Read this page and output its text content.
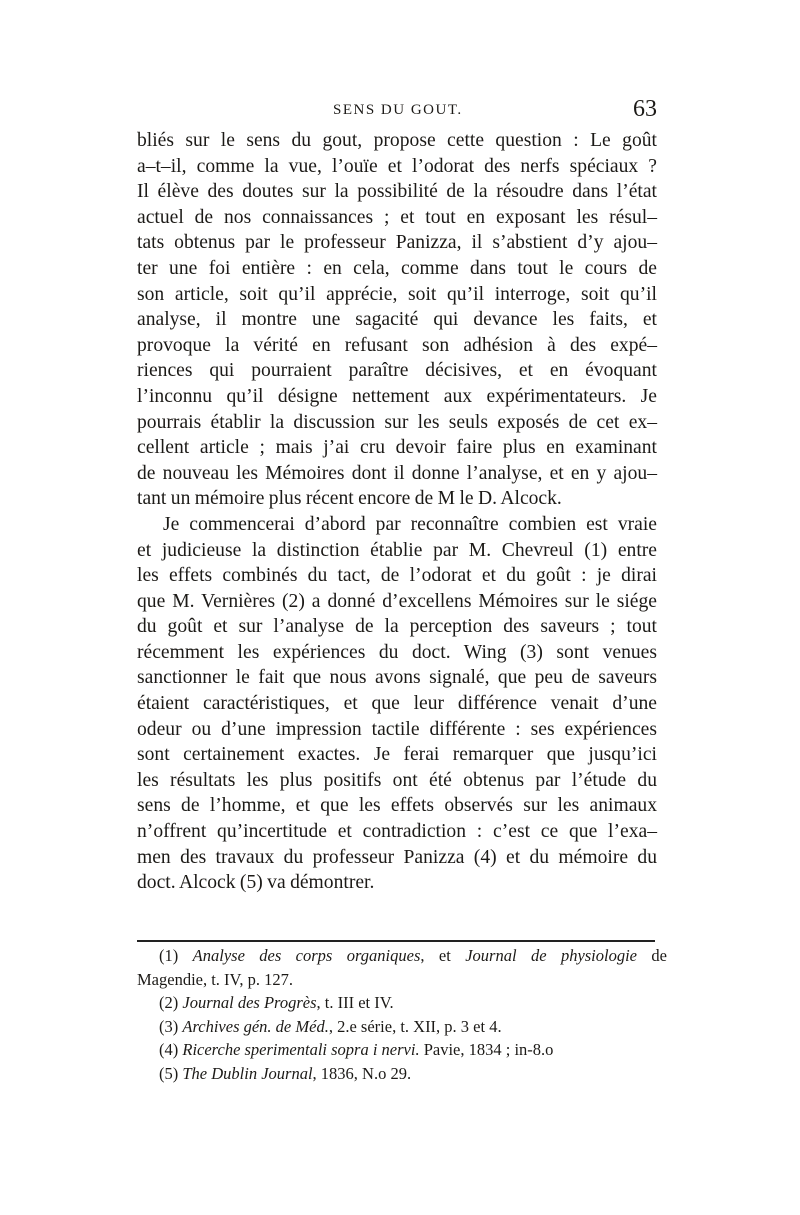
SENS DU GOUT.	63
bliés sur le sens du gout, propose cette question : Le goût
a–t–il, comme la vue, l’ouïe et l’odorat des nerfs spéciaux ?
Il élève des doutes sur la possibilité de la résoudre dans l’état
actuel de nos connaissances ; et tout en exposant les résul–
tats obtenus par le professeur Panizza, il s’abstient d’y ajou–
ter une foi entière : en cela, comme dans tout le cours de
son article, soit qu’il apprécie, soit qu’il interroge, soit qu’il
analyse, il montre une sagacité qui devance les faits, et
provoque la vérité en refusant son adhésion à des expé–
riences qui pourraient paraître décisives, et en évoquant
l’inconnu qu’il désigne nettement aux expérimentateurs. Je
pourrais établir la discussion sur les seuls exposés de cet ex–
cellent article ; mais j’ai cru devoir faire plus en examinant
de nouveau les Mémoires dont il donne l’analyse, et en y ajou–
tant un mémoire plus récent encore de M le D. Alcock.
Je commencerai d’abord par reconnaître combien est vraie
et judicieuse la distinction établie par M. Chevreul (1) entre
les effets combinés du tact, de l’odorat et du goût : je dirai
que M. Vernières (2) a donné d’excellens Mémoires sur le siége
du goût et sur l’analyse de la perception des saveurs ; tout
récemment les expériences du doct. Wing (3) sont venues
sanctionner le fait que nous avons signalé, que peu de saveurs
étaient caractéristiques, et que leur différence venait d’une
odeur ou d’une impression tactile différente : ses expériences
sont certainement exactes. Je ferai remarquer que jusqu’ici
les résultats les plus positifs ont été obtenus par l’étude du
sens de l’homme, et que les effets observés sur les animaux
n’offrent qu’incertitude et contradiction : c’est ce que l’exa–
men des travaux du professeur Panizza (4) et du mémoire du
doct. Alcock (5) va démontrer.
(1) Analyse des corps organiques, et Journal de physiologie de
Magendie, t. IV, p. 127.
(2) Journal des Progrès, t. III et IV.
(3) Archives gén. de Méd., 2.e série, t. XII, p. 3 et 4.
(4) Ricerche sperimentali sopra i nervi. Pavie, 1834 ; in-8.o
(5) The Dublin Journal, 1836, N.o 29.
